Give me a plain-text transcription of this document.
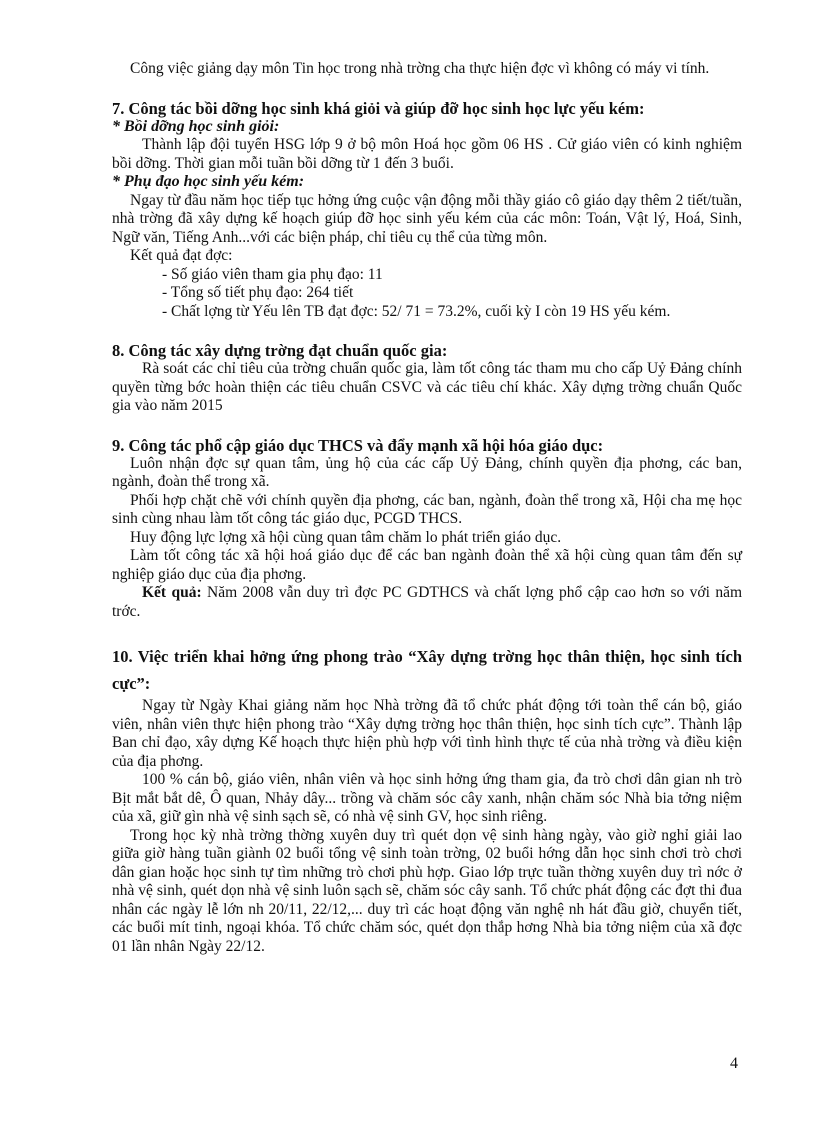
Công việc giảng dạy môn Tin học trong nhà trờng cha thực hiện đợc vì không có máy vi tính.

7. Công tác bồi dỡng học sinh khá giỏi và giúp đỡ học sinh học lực yếu kém:

* Bồi dỡng học sinh giỏi:

Thành lập đội tuyển HSG lớp 9 ở bộ môn Hoá học gồm 06 HS . Cử giáo viên có kinh nghiệm bồi dỡng. Thời gian mỗi tuần bồi dỡng từ 1 đến 3 buổi.

* Phụ đạo học sinh yếu kém:

Ngay từ đầu năm học tiếp tục hởng ứng cuộc vận động mỗi thầy giáo cô giáo dạy thêm 2 tiết/tuần, nhà trờng đã xây dựng kế hoạch giúp đỡ học sinh yếu kém của các môn: Toán, Vật lý, Hoá, Sinh, Ngữ văn, Tiếng Anh...với các biện pháp, chỉ tiêu cụ thể của từng môn.

Kết quả đạt đợc:

- Số giáo viên tham gia phụ đạo: 11

- Tổng số tiết phụ đạo: 264 tiết

- Chất lợng từ Yếu lên TB đạt đợc: 52/ 71 = 73.2%, cuối kỳ I còn 19 HS yếu kém.

8. Công tác xây dựng trờng đạt chuẩn quốc gia:

Rà soát các chỉ tiêu của trờng chuẩn quốc gia, làm tốt công tác tham mu cho cấp Uỷ Đảng chính quyền từng bớc hoàn thiện các tiêu chuẩn CSVC và các tiêu chí khác. Xây dựng trờng chuẩn Quốc gia vào năm 2015

9. Công tác phổ cập giáo dục THCS và đẩy mạnh xã hội hóa giáo dục:

Luôn nhận đợc sự quan tâm, ủng hộ của các cấp Uỷ Đảng, chính quyền địa phơng, các ban, ngành, đoàn thể trong xã.

Phối hợp chặt chẽ với chính quyền địa phơng, các ban, ngành, đoàn thể trong xã, Hội cha mẹ học sinh cùng nhau làm tốt công tác giáo dục, PCGD THCS.

Huy động lực lợng xã hội cùng quan tâm chăm lo phát triển giáo dục.

Làm tốt công tác xã hội hoá giáo dục để các ban ngành đoàn thể xã hội cùng quan tâm đến sự nghiệp giáo dục của địa phơng.

Kết quả: Năm 2008 vẫn duy trì đợc PC GDTHCS và chất lợng phổ cập cao hơn so với năm trớc.

10. Việc triển khai hởng ứng phong trào “Xây dựng trờng học thân thiện, học sinh tích cực”:

Ngay từ Ngày Khai giảng năm học Nhà trờng đã tổ chức phát động tới toàn thể cán bộ, giáo viên, nhân viên thực hiện phong trào “Xây dựng trờng học thân thiện, học sinh tích cực”. Thành lập Ban chỉ đạo, xây dựng Kế hoạch thực hiện phù hợp với tình hình thực tế của nhà trờng và điều kiện của địa phơng.

100 % cán bộ, giáo viên, nhân viên và học sinh hởng ứng tham gia, đa trò chơi dân gian nh trò Bịt mắt bắt dê, Ô quan, Nhảy dây... trồng và chăm sóc cây xanh, nhận chăm sóc Nhà bia tởng niệm của xã, giữ gìn nhà vệ sinh sạch sẽ, có nhà vệ sinh GV, học sinh riêng.

Trong học kỳ nhà trờng thờng xuyên duy trì quét dọn vệ sinh hàng ngày, vào giờ nghỉ giải lao giữa giờ hàng tuần giành 02 buổi tổng vệ sinh toàn trờng, 02 buổi hớng dẫn học sinh chơi trò chơi dân gian hoặc học sinh tự tìm những trò chơi phù hợp. Giao lớp trực tuần thờng xuyên duy trì nớc ở nhà vệ sinh, quét dọn nhà vệ sinh luôn sạch sẽ, chăm sóc cây sanh. Tổ chức phát động các đợt thi đua nhân các ngày lễ lớn nh 20/11, 22/12,... duy trì các hoạt động văn nghệ nh hát đầu giờ, chuyển tiết, các buổi mít tinh, ngoại khóa. Tổ chức chăm sóc, quét dọn thắp hơng Nhà bia tởng niệm của xã đợc 01 lần nhân Ngày 22/12.

4
